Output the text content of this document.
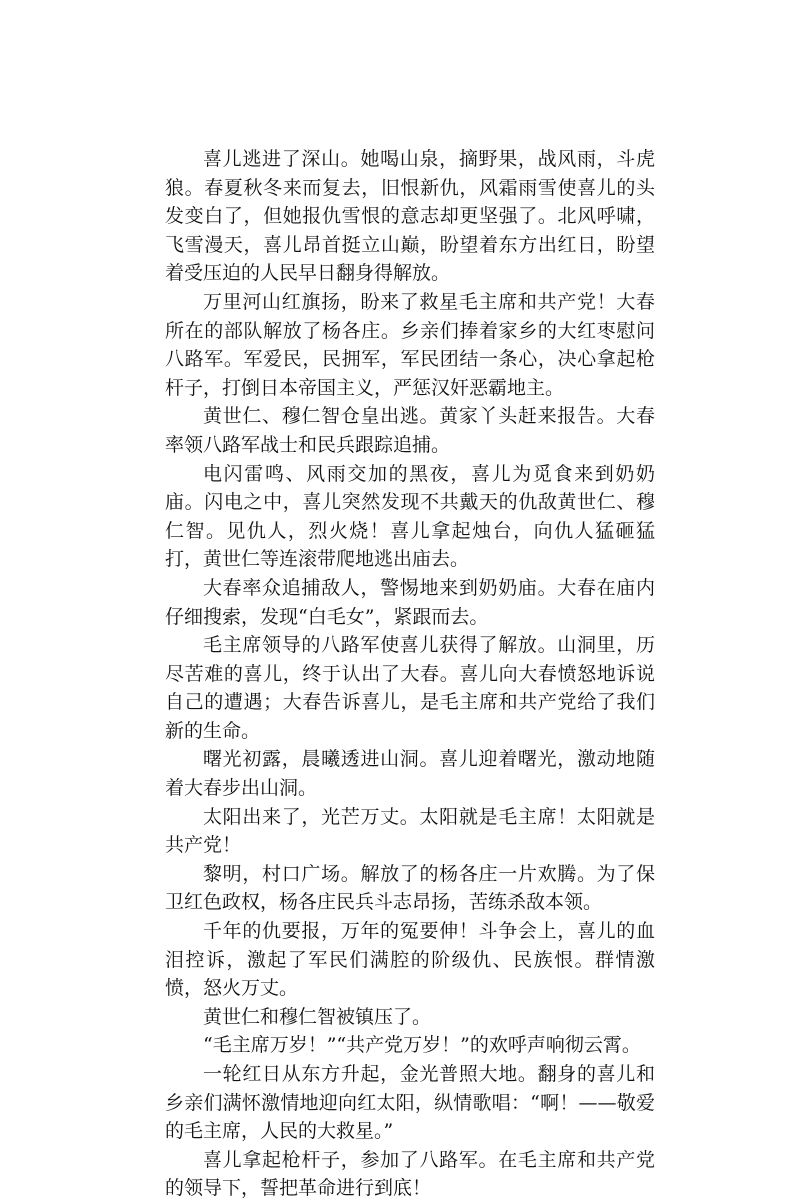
喜儿逃进了深山。她喝山泉，摘野果，战风雨，斗虎狼。春夏秋冬来而复去，旧恨新仇，风霜雨雪使喜儿的头发变白了，但她报仇雪恨的意志却更坚强了。北风呼啸，飞雪漫天，喜儿昂首挺立山巅，盼望着东方出红日，盼望着受压迫的人民早日翻身得解放。

万里河山红旗扬，盼来了救星毛主席和共产党！大春所在的部队解放了杨各庄。乡亲们捧着家乡的大红枣慰问八路军。军爱民，民拥军，军民团结一条心，决心拿起枪杆子，打倒日本帝国主义，严惩汉奸恶霸地主。

黄世仁、穆仁智仓皇出逃。黄家丫头赶来报告。大春率领八路军战士和民兵跟踪追捕。

电闪雷鸣、风雨交加的黑夜，喜儿为觅食来到奶奶庙。闪电之中，喜儿突然发现不共戴天的仇敌黄世仁、穆仁智。见仇人，烈火烧！喜儿拿起烛台，向仇人猛砸猛打，黄世仁等连滚带爬地逃出庙去。

大春率众追捕敌人，警惕地来到奶奶庙。大春在庙内仔细搜索，发现“白毛女”，紧跟而去。

毛主席领导的八路军使喜儿获得了解放。山洞里，历尽苦难的喜儿，终于认出了大春。喜儿向大春愤怒地诉说自己的遭遇；大春告诉喜儿，是毛主席和共产党给了我们新的生命。

曙光初露，晨曦透进山洞。喜儿迎着曙光，激动地随着大春步出山洞。

太阳出来了，光芒万丈。太阳就是毛主席！太阳就是共产党！

黎明，村口广场。解放了的杨各庄一片欢腾。为了保卫红色政权，杨各庄民兵斗志昂扬，苦练杀敌本领。

千年的仇要报，万年的冤要伸！斗争会上，喜儿的血泪控诉，激起了军民们满腔的阶级仇、民族恨。群情激愤，怒火万丈。

黄世仁和穆仁智被镇压了。

“毛主席万岁！”“共产党万岁！”的欢呼声响彻云霄。

一轮红日从东方升起，金光普照大地。翻身的喜儿和乡亲们满怀激情地迎向红太阳，纵情歌唱：“啊！——敬爱的毛主席，人民的大救星。”

喜儿拿起枪杆子，参加了八路军。在毛主席和共产党的领导下，誓把革命进行到底！
